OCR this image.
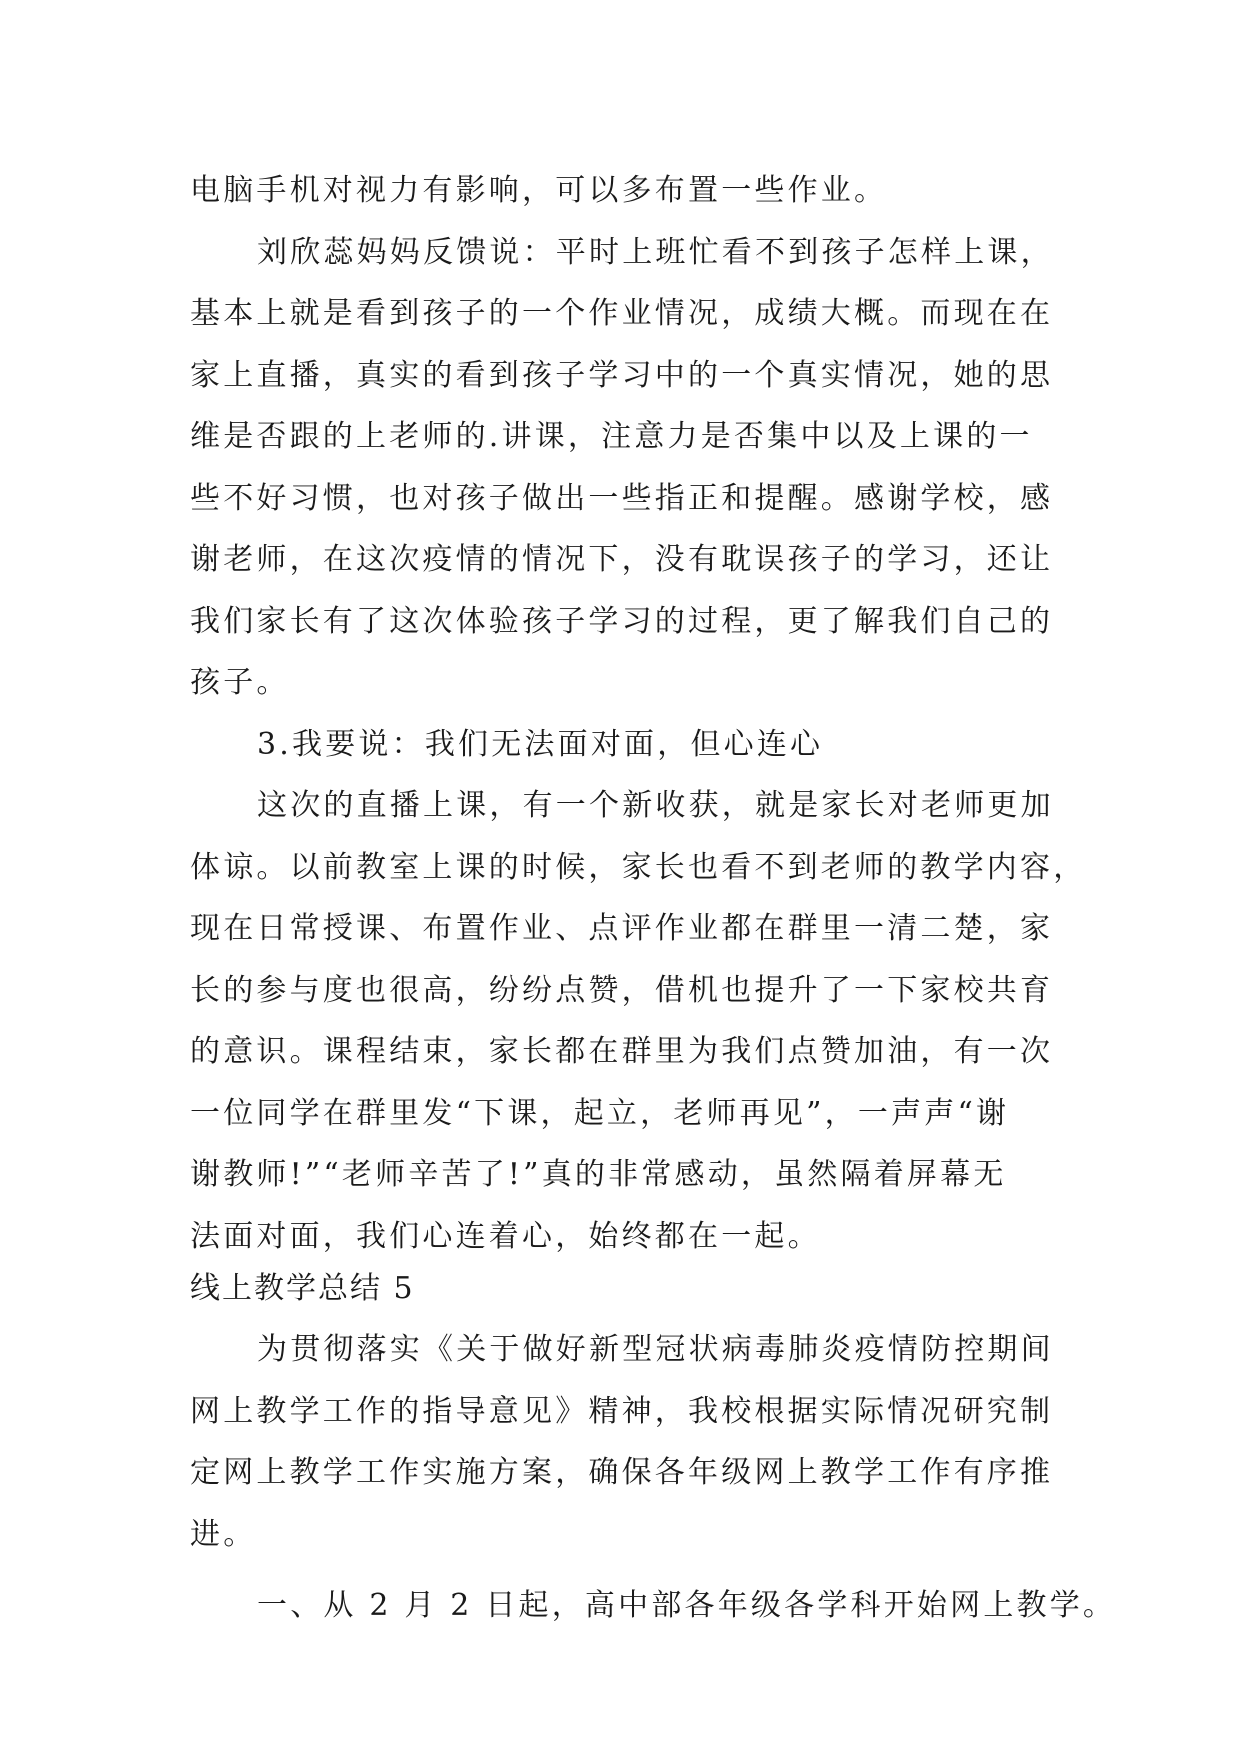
电脑手机对视力有影响，可以多布置一些作业。
刘欣蕊妈妈反馈说：平时上班忙看不到孩子怎样上课，
基本上就是看到孩子的一个作业情况，成绩大概。而现在在
家上直播，真实的看到孩子学习中的一个真实情况，她的思
维是否跟的上老师的.讲课，注意力是否集中以及上课的一
些不好习惯，也对孩子做出一些指正和提醒。感谢学校，感
谢老师，在这次疫情的情况下，没有耽误孩子的学习，还让
我们家长有了这次体验孩子学习的过程，更了解我们自己的
孩子。
3.我要说：我们无法面对面，但心连心
这次的直播上课，有一个新收获，就是家长对老师更加
体谅。以前教室上课的时候，家长也看不到老师的教学内容，
现在日常授课、布置作业、点评作业都在群里一清二楚，家
长的参与度也很高，纷纷点赞，借机也提升了一下家校共育
的意识。课程结束，家长都在群里为我们点赞加油，有一次
一位同学在群里发“下课，起立，老师再见”，一声声“谢
谢教师!”“老师辛苦了!”真的非常感动，虽然隔着屏幕无
法面对面，我们心连着心，始终都在一起。
线上教学总结 5
为贯彻落实《关于做好新型冠状病毒肺炎疫情防控期间
网上教学工作的指导意见》精神，我校根据实际情况研究制
定网上教学工作实施方案，确保各年级网上教学工作有序推
进。
一、从 2 月 2 日起，高中部各年级各学科开始网上教学。
